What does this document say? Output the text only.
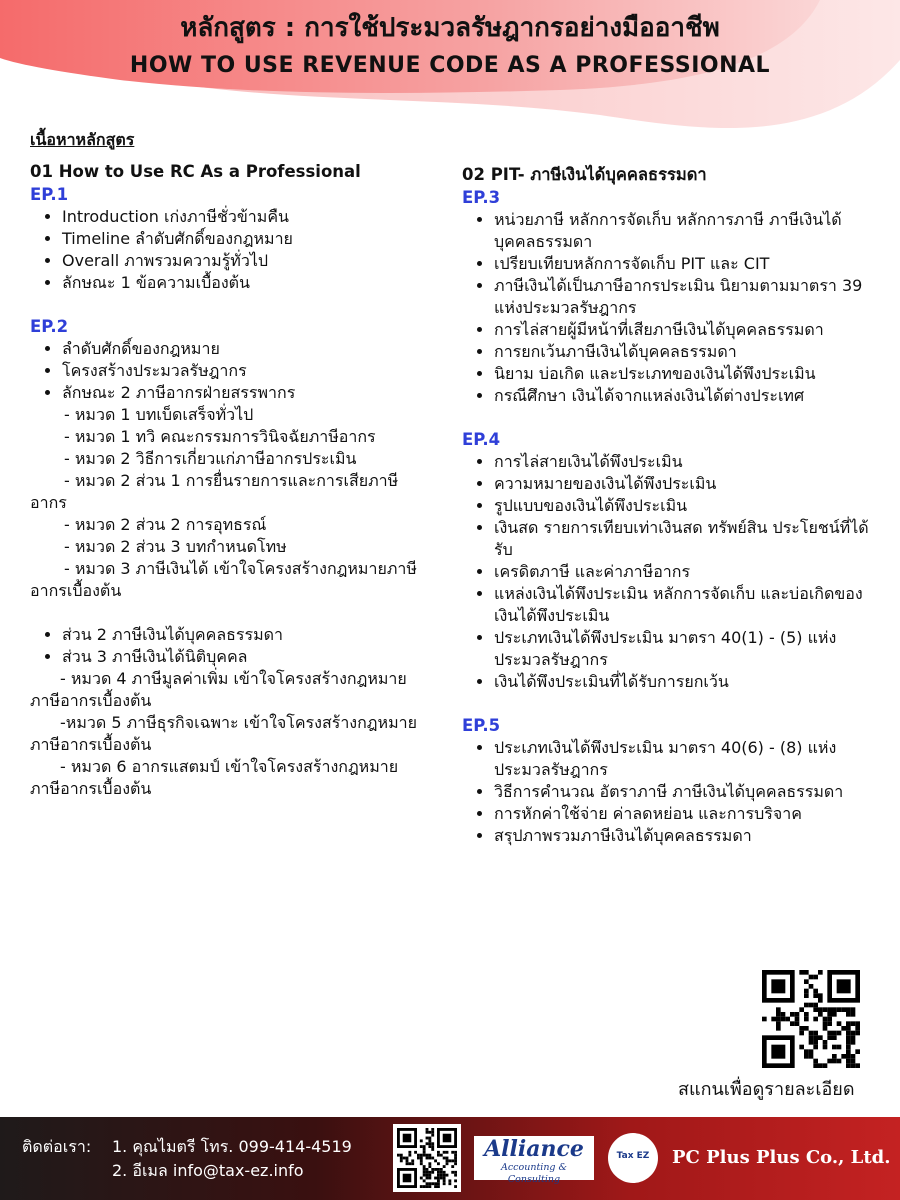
หลักสูตร : การใช้ประมวลรัษฎากรอย่างมืออาชีพ
HOW TO USE REVENUE CODE AS A PROFESSIONAL
เนื้อหาหลักสูตร
01 How to Use RC As a Professional
EP.1
• Introduction เก่งภาษีชั่วข้ามคืน
• Timeline ลำดับศักดิ์ของกฎหมาย
• Overall ภาพรวมความรู้ทั่วไป
• ลักษณะ 1 ข้อความเบื้องต้น
EP.2
• ลำดับศักดิ์ของกฎหมาย
• โครงสร้างประมวลรัษฎากร
• ลักษณะ 2 ภาษีอากรฝ่ายสรรพากร
- หมวด 1 บทเบ็ดเสร็จทั่วไป
- หมวด 1 ทวิ คณะกรรมการวินิจฉัยภาษีอากร
- หมวด 2 วิธีการเกี่ยวแก่ภาษีอากรประเมิน
- หมวด 2 ส่วน 1 การยื่นรายการและการเสียภาษี
อากร
- หมวด 2 ส่วน 2 การอุทธรณ์
- หมวด 2 ส่วน 3 บทกำหนดโทษ
- หมวด 3 ภาษีเงินได้ เข้าใจโครงสร้างกฎหมายภาษี
อากรเบื้องต้น
• ส่วน 2 ภาษีเงินได้บุคคลธรรมดา
• ส่วน 3 ภาษีเงินได้นิติบุคคล
- หมวด 4 ภาษีมูลค่าเพิ่ม เข้าใจโครงสร้างกฎหมาย
ภาษีอากรเบื้องต้น
-หมวด 5 ภาษีธุรกิจเฉพาะ เข้าใจโครงสร้างกฎหมาย
ภาษีอากรเบื้องต้น
- หมวด 6 อากรแสตมป์ เข้าใจโครงสร้างกฎหมาย
ภาษีอากรเบื้องต้น
02 PIT- ภาษีเงินได้บุคคลธรรมดา
EP.3
• หน่วยภาษี หลักการจัดเก็บ หลักการภาษี ภาษีเงินได้บุคคลธรรมดา
• เปรียบเทียบหลักการจัดเก็บ PIT และ CIT
• ภาษีเงินได้เป็นภาษีอากรประเมิน นิยามตามมาตรา 39 แห่งประมวลรัษฎากร
• การไล่สายผู้มีหน้าที่เสียภาษีเงินได้บุคคลธรรมดา
• การยกเว้นภาษีเงินได้บุคคลธรรมดา
• นิยาม บ่อเกิด และประเภทของเงินได้พึงประเมิน
• กรณีศึกษา เงินได้จากแหล่งเงินได้ต่างประเทศ
EP.4
• การไล่สายเงินได้พึงประเมิน
• ความหมายของเงินได้พึงประเมิน
• รูปแบบของเงินได้พึงประเมิน
• เงินสด รายการเทียบเท่าเงินสด ทรัพย์สิน ประโยชน์ที่ได้รับ
• เครดิตภาษี และค่าภาษีอากร
• แหล่งเงินได้พึงประเมิน หลักการจัดเก็บ และบ่อเกิดของเงินได้พึงประเมิน
• ประเภทเงินได้พึงประเมิน มาตรา 40(1) - (5) แห่งประมวลรัษฎากร
• เงินได้พึงประเมินที่ได้รับการยกเว้น
EP.5
• ประเภทเงินได้พึงประเมิน มาตรา 40(6) - (8) แห่งประมวลรัษฎากร
• วิธีการคำนวณ อัตราภาษี ภาษีเงินได้บุคคลธรรมดา
• การหักค่าใช้จ่าย ค่าลดหย่อน และการบริจาค
• สรุปภาพรวมภาษีเงินได้บุคคลธรรมดา
สแกนเพื่อดูรายละเอียด
ติดต่อเรา: 1. คุณไมตรี โทร. 099-414-4519
2. อีเมล info@tax-ez.info
Alliance
Accounting & Consulting
Tax EZ	PC Plus Plus Co., Ltd.
